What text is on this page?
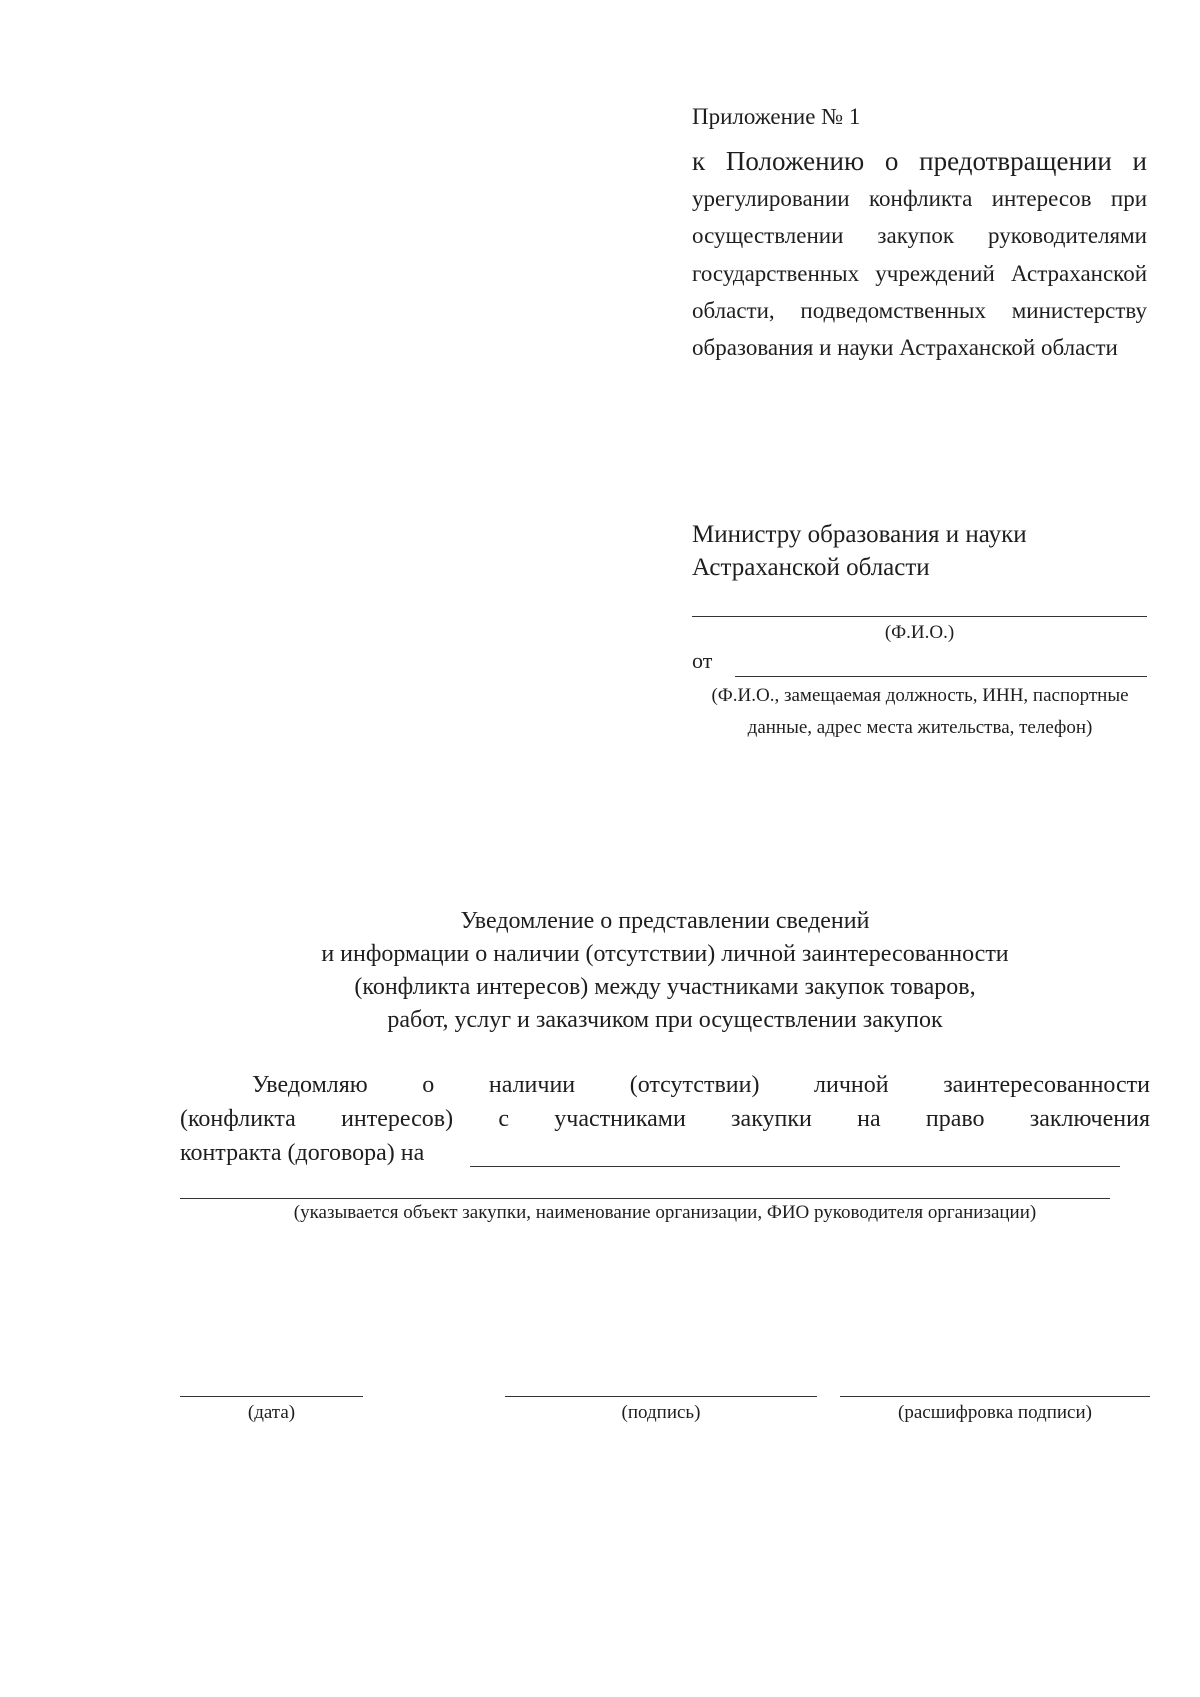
Приложение № 1
к Положению о предотвращении и
урегулировании конфликта интересов при осуществлении закупок руководителями государственных учреждений Астраханской области, подведомственных министерству образования и науки Астраханской области
Министру образования и науки
Астраханской области
(Ф.И.О.)
от
(Ф.И.О., замещаемая должность, ИНН, паспортные данные, адрес места жительства, телефон)
Уведомление о представлении сведений
и информации о наличии (отсутствии) личной заинтересованности
(конфликта интересов) между участниками закупок товаров,
работ, услуг и заказчиком при осуществлении закупок
Уведомляю о наличии (отсутствии) личной заинтересованности
(конфликта интересов) с участниками закупки на право заключения
контракта (договора) на
(указывается объект закупки, наименование организации, ФИО руководителя организации)
(дата)	(подпись)	(расшифровка подписи)
